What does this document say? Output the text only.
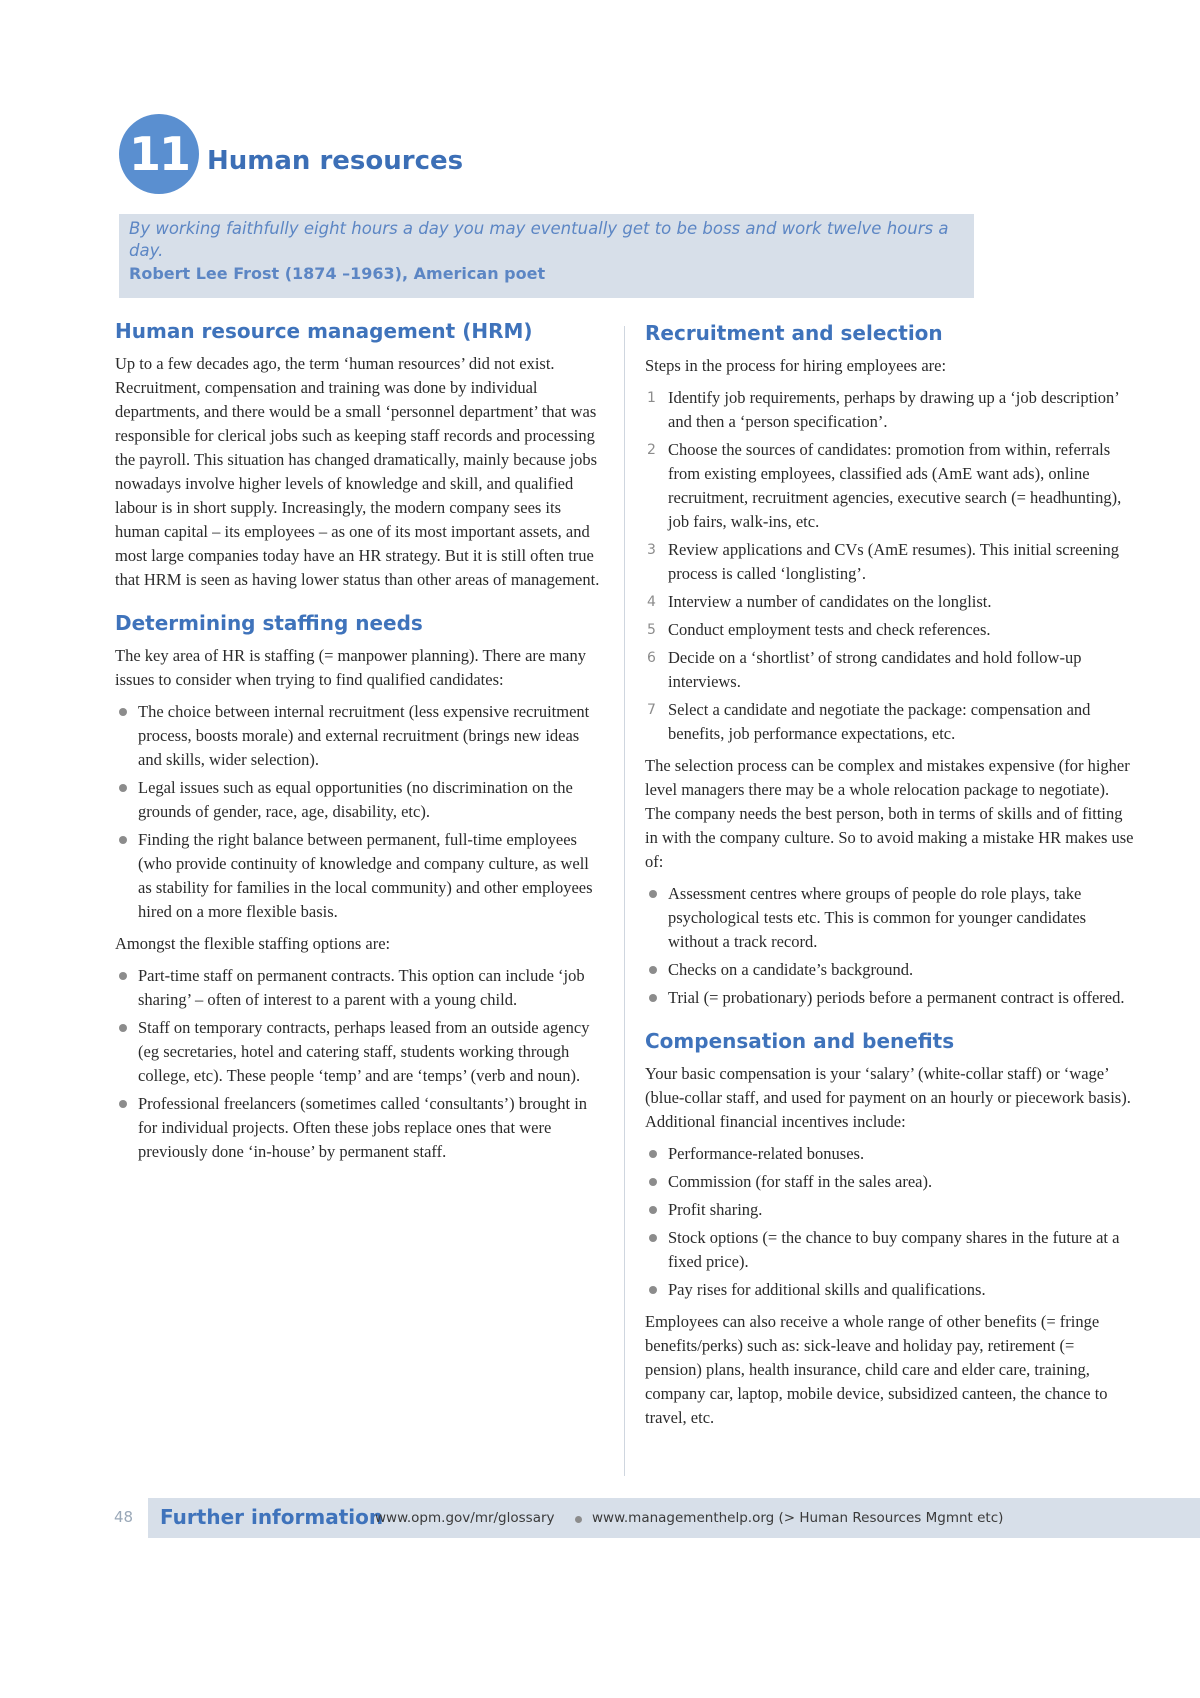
11 Human resources

By working faithfully eight hours a day you may eventually get to be boss and work twelve hours a day.

Robert Lee Frost (1874 –1963), American poet

Human resource management (HRM)

Up to a few decades ago, the term ‘human resources’ did not exist. Recruitment, compensation and training was done by individual departments, and there would be a small ‘personnel department’ that was responsible for clerical jobs such as keeping staff records and processing the payroll. This situation has changed dramatically, mainly because jobs nowadays involve higher levels of knowledge and skill, and qualified labour is in short supply. Increasingly, the modern company sees its human capital – its employees – as one of its most important assets, and most large companies today have an HR strategy. But it is still often true that HRM is seen as having lower status than other areas of management.

Determining staffing needs

The key area of HR is staffing (= manpower planning). There are many issues to consider when trying to find qualified candidates:

The choice between internal recruitment (less expensive recruitment process, boosts morale) and external recruitment (brings new ideas and skills, wider selection).
Legal issues such as equal opportunities (no discrimination on the grounds of gender, race, age, disability, etc).
Finding the right balance between permanent, full-time employees (who provide continuity of knowledge and company culture, as well as stability for families in the local community) and other employees hired on a more flexible basis.

Amongst the flexible staffing options are:

Part-time staff on permanent contracts. This option can include ‘job sharing’ – often of interest to a parent with a young child.
Staff on temporary contracts, perhaps leased from an outside agency (eg secretaries, hotel and catering staff, students working through college, etc). These people ‘temp’ and are ‘temps’ (verb and noun).
Professional freelancers (sometimes called ‘consultants’) brought in for individual projects. Often these jobs replace ones that were previously done ‘in-house’ by permanent staff.
Recruitment and selection

Steps in the process for hiring employees are:

1 Identify job requirements, perhaps by drawing up a ‘job description’ and then a ‘person specification’.
2 Choose the sources of candidates: promotion from within, referrals from existing employees, classified ads (AmE want ads), online recruitment, recruitment agencies, executive search (= headhunting), job fairs, walk-ins, etc.
3 Review applications and CVs (AmE resumes). This initial screening process is called ‘longlisting’.
4 Interview a number of candidates on the longlist.
5 Conduct employment tests and check references.
6 Decide on a ‘shortlist’ of strong candidates and hold follow-up interviews.
7 Select a candidate and negotiate the package: compensation and benefits, job performance expectations, etc.

The selection process can be complex and mistakes expensive (for higher level managers there may be a whole relocation package to negotiate). The company needs the best person, both in terms of skills and of fitting in with the company culture. So to avoid making a mistake HR makes use of:

Assessment centres where groups of people do role plays, take psychological tests etc. This is common for younger candidates without a track record.
Checks on a candidate’s background.
Trial (= probationary) periods before a permanent contract is offered.
Compensation and benefits

Your basic compensation is your ‘salary’ (white-collar staff) or ‘wage’ (blue-collar staff, and used for payment on an hourly or piecework basis). Additional financial incentives include:

Performance-related bonuses.
Commission (for staff in the sales area).
Profit sharing.
Stock options (= the chance to buy company shares in the future at a fixed price).
Pay rises for additional skills and qualifications.

Employees can also receive a whole range of other benefits (= fringe benefits/perks) such as: sick-leave and holiday pay, retirement (= pension) plans, health insurance, child care and elder care, training, company car, laptop, mobile device, subsidized canteen, the chance to travel, etc.

48 Further information
www.opm.gov/mr/glossary	www.managementhelp.org (> Human Resources Mgmnt etc)
